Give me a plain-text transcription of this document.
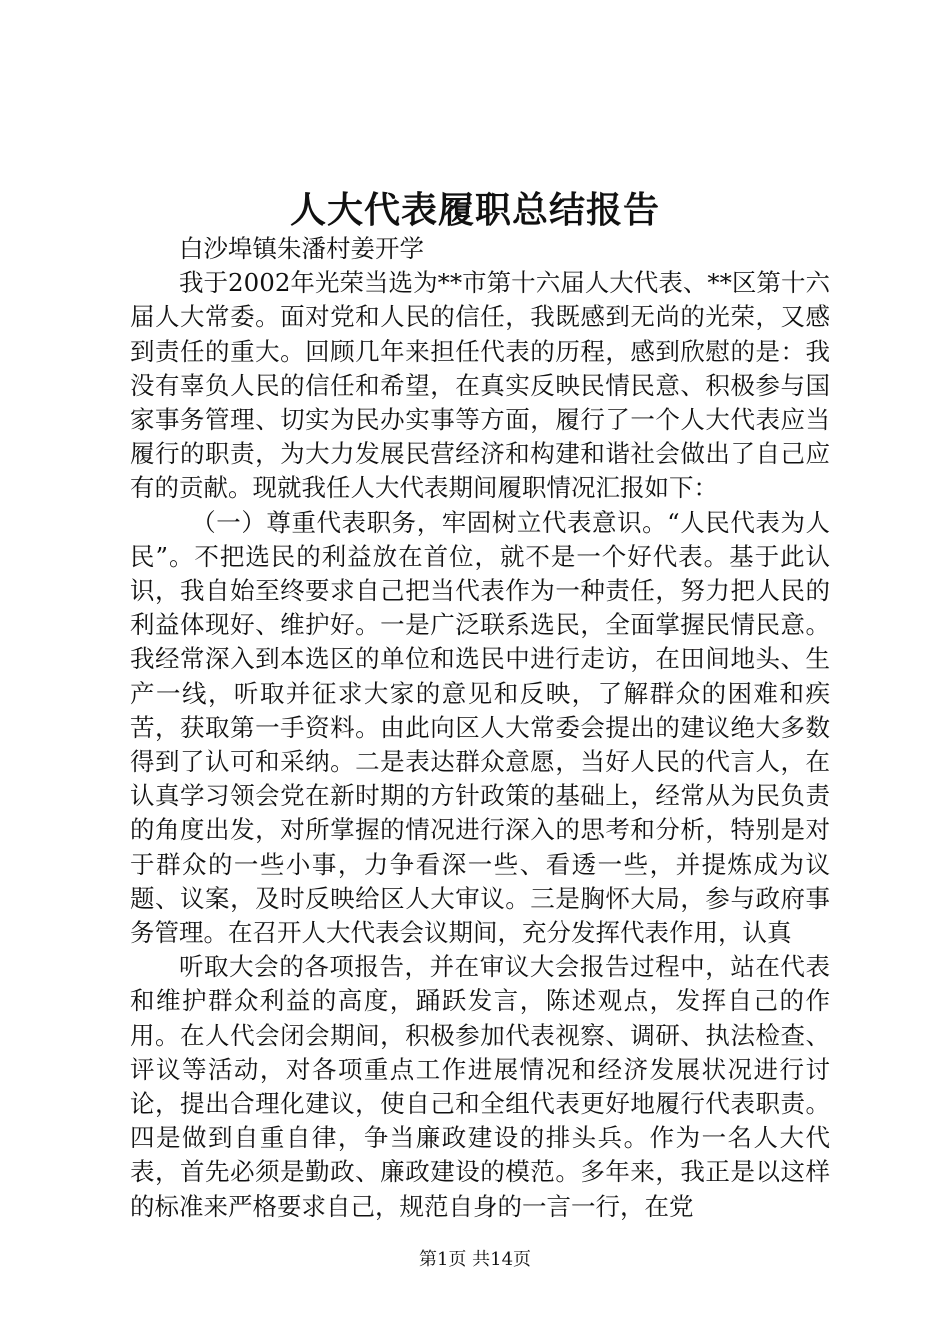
人大代表履职总结报告

白沙埠镇朱潘村姜开学

我于2002年光荣当选为**市第十六届人大代表、**区第十六届人大常委。面对党和人民的信任，我既感到无尚的光荣，又感到责任的重大。回顾几年来担任代表的历程，感到欣慰的是：我没有辜负人民的信任和希望，在真实反映民情民意、积极参与国家事务管理、切实为民办实事等方面，履行了一个人大代表应当履行的职责，为大力发展民营经济和构建和谐社会做出了自己应有的贡献。现就我任人大代表期间履职情况汇报如下：

（一）尊重代表职务，牢固树立代表意识。“人民代表为人民”。不把选民的利益放在首位，就不是一个好代表。基于此认识，我自始至终要求自己把当代表作为一种责任，努力把人民的利益体现好、维护好。一是广泛联系选民，全面掌握民情民意。我经常深入到本选区的单位和选民中进行走访，在田间地头、生产一线，听取并征求大家的意见和反映，了解群众的困难和疾苦，获取第一手资料。由此向区人大常委会提出的建议绝大多数得到了认可和采纳。二是表达群众意愿，当好人民的代言人，在认真学习领会党在新时期的方针政策的基础上，经常从为民负责的角度出发，对所掌握的情况进行深入的思考和分析，特别是对于群众的一些小事，力争看深一些、看透一些，并提炼成为议题、议案，及时反映给区人大审议。三是胸怀大局，参与政府事务管理。在召开人大代表会议期间，充分发挥代表作用，认真

听取大会的各项报告，并在审议大会报告过程中，站在代表和维护群众利益的高度，踊跃发言，陈述观点，发挥自己的作用。在人代会闭会期间，积极参加代表视察、调研、执法检查、评议等活动，对各项重点工作进展情况和经济发展状况进行讨论，提出合理化建议，使自己和全组代表更好地履行代表职责。四是做到自重自律，争当廉政建设的排头兵。作为一名人大代表，首先必须是勤政、廉政建设的模范。多年来，我正是以这样的标准来严格要求自己，规范自身的一言一行，在党

第1页 共14页
